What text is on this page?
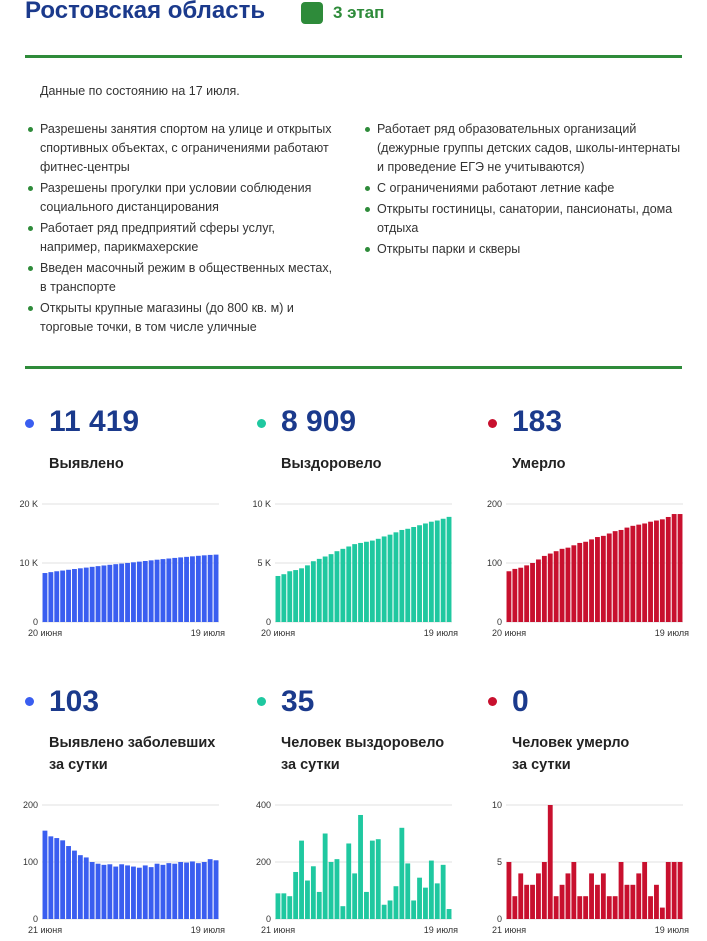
Ростовская область	3 этап
Данные по состоянию на 17 июля.
Разрешены занятия спортом на улице и открытых спортивных объектах, с ограничениями работают фитнес-центры
Разрешены прогулки при условии соблюдения социального дистанцирования
Работает ряд предприятий сферы услуг, например, парикмахерские
Введен масочный режим в общественных местах, в транспорте
Открыты крупные магазины (до 800 кв. м) и торговые точки, в том числе уличные
Работает ряд образовательных организаций (дежурные группы детских садов, школы-интернаты и проведение ЕГЭ не учитываются)
С ограничениями работают летние кафе
Открыты гостиницы, санатории, пансионаты, дома отдыха
Открыты парки и скверы
11 419
Выявлено
8 909
Выздоровело
183
Умерло
103
Выявлено заболевших
за сутки
35
Человек выздоровело
за сутки
0
Человек умерло
за сутки
0
10 K
20 K
20 июня	19 июля
0
5 K
10 K
20 июня	19 июля
0
100
200
20 июня	19 июля
0
100
200
21 июня	19 июля
0
200
400
21 июня	19 июля
0
5
10
21 июня	19 июля
